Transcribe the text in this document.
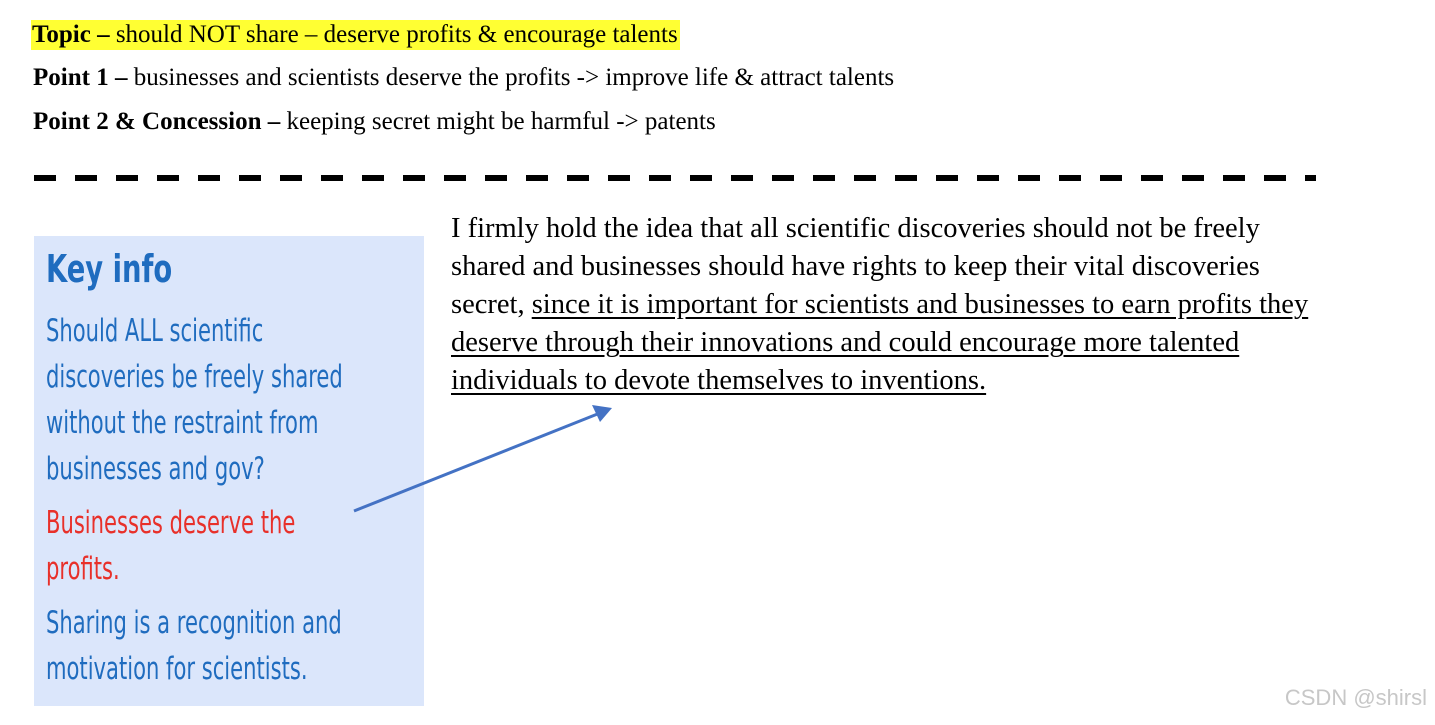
Topic – should NOT share – deserve profits & encourage talents
Point 1 – businesses and scientists deserve the profits -> improve life & attract talents
Point 2 & Concession – keeping secret might be harmful -> patents
Key info
Should ALL scientific
discoveries be freely shared
without the restraint from
businesses and gov?
Businesses deserve the
profits.
Sharing is a recognition and
motivation for scientists.
I firmly hold the idea that all scientific discoveries should not be freely
shared and businesses should have rights to keep their vital discoveries
secret, since it is important for scientists and businesses to earn profits they
deserve through their innovations and could encourage more talented
individuals to devote themselves to inventions.
CSDN @shirsl
